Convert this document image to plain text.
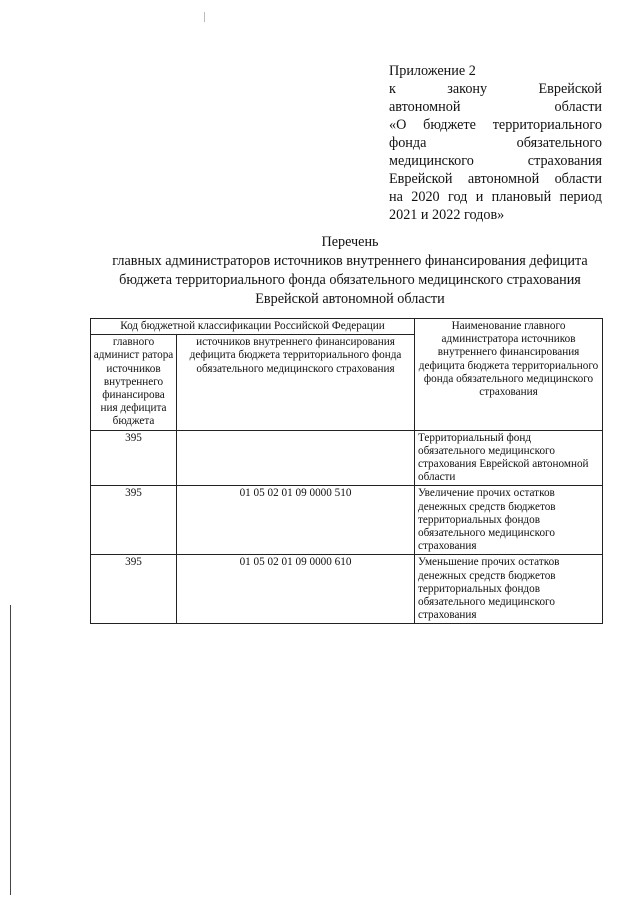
Приложение 2
к закону Еврейской
автономной области
«О бюджете территориального
фонда обязательного
медицинского страхования
Еврейской автономной области
на 2020 год и плановый период
2021 и 2022 годов»
Перечень
главных администраторов источников внутреннего финансирования дефицита
бюджета территориального фонда обязательного медицинского страхования
Еврейской автономной области
Код бюджетной классификации Российской Федерации		Наименование главного администратора источников внутреннего финансирования дефицита бюджета территориального фонда обязательного медицинского страхования
главного админист ратора источников внутреннего финансирова ния дефицита бюджета	источников внутреннего финансирования дефицита бюджета территориального фонда обязательного медицинского страхования	
395		Территориальный фонд обязательного медицинского страхования Еврейской автономной области
395	01 05 02 01 09 0000 510	Увеличение прочих остатков денежных средств бюджетов территориальных фондов обязательного медицинского страхования
395	01 05 02 01 09 0000 610	Уменьшение прочих остатков денежных средств бюджетов территориальных фондов обязательного медицинского страхования
